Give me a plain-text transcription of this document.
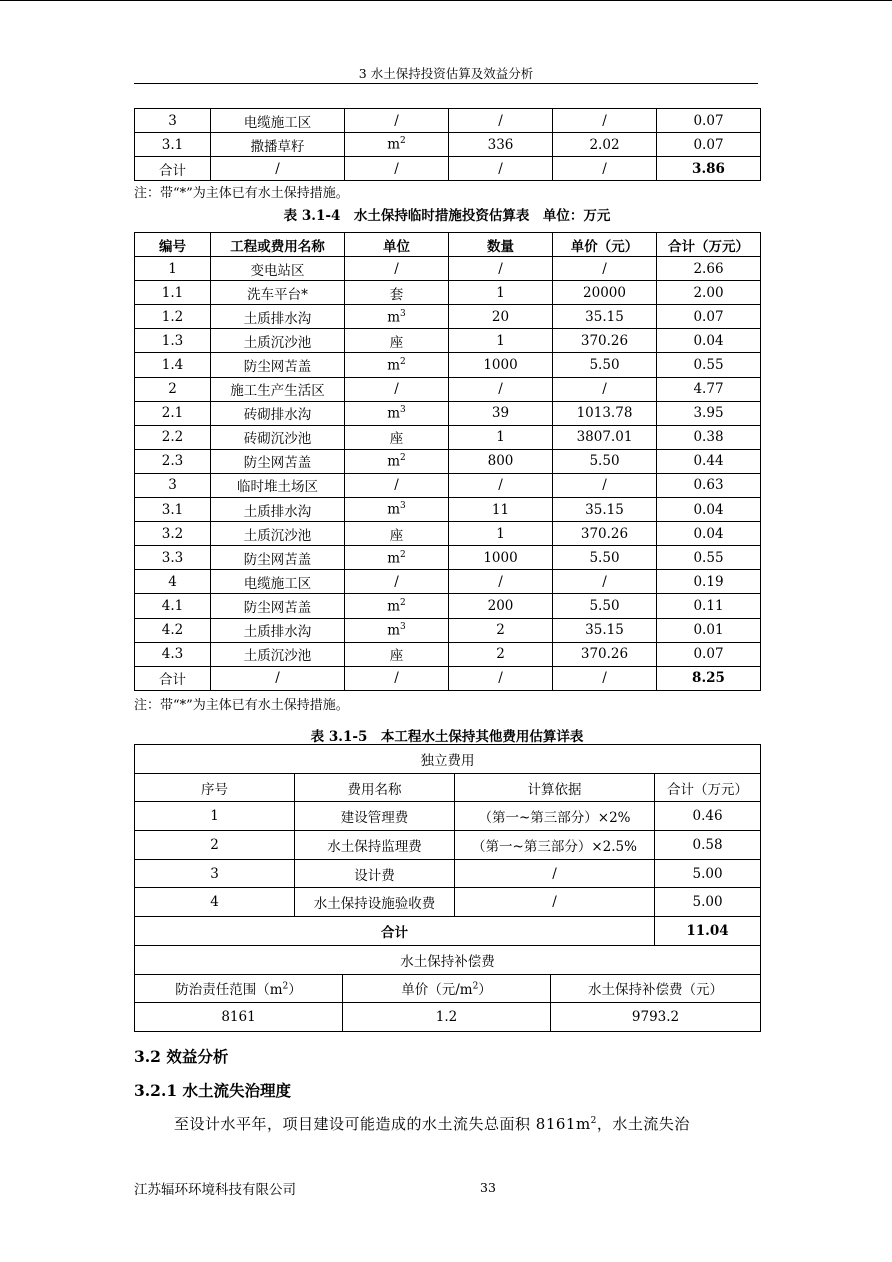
3 水土保持投资估算及效益分析
3	电缆施工区	/	/	/	0.07
3.1	撒播草籽	$m^2$	336	2.02	0.07
合计	/	/	/	/	3.86
注：带“*”为主体已有水土保持措施。
表 3.1-4　水土保持临时措施投资估算表　单位：万元
编号	工程或费用名称	单位	数量	单价（元）	合计（万元）
1	变电站区	/	/	/	2.66
1.1	洗车平台*	套	1	20000	2.00
1.2	土质排水沟	$m^3$	20	35.15	0.07
1.3	土质沉沙池	座	1	370.26	0.04
1.4	防尘网苫盖	$m^2$	1000	5.50	0.55
2	施工生产生活区	/	/	/	4.77
2.1	砖砌排水沟	$m^3$	39	1013.78	3.95
2.2	砖砌沉沙池	座	1	3807.01	0.38
2.3	防尘网苫盖	$m^2$	800	5.50	0.44
3	临时堆土场区	/	/	/	0.63
3.1	土质排水沟	$m^3$	11	35.15	0.04
3.2	土质沉沙池	座	1	370.26	0.04
3.3	防尘网苫盖	$m^2$	1000	5.50	0.55
4	电缆施工区	/	/	/	0.19
4.1	防尘网苫盖	$m^2$	200	5.50	0.11
4.2	土质排水沟	$m^3$	2	35.15	0.01
4.3	土质沉沙池	座	2	370.26	0.07
合计	/	/	/	/	8.25
注：带“*”为主体已有水土保持措施。
表 3.1-5　本工程水土保持其他费用估算详表
独立费用					
序号	费用名称		计算依据		合计（万元）
1	建设管理费		（第一~第三部分）×2%		0.46
2	水土保持监理费		（第一~第三部分）×2.5%		0.58
3	设计费		/		5.00
4	水土保持设施验收费		/		5.00
合计					11.04
水土保持补偿费					
防治责任范围$(m^2)$		单价（元$/m^2$）		水土保持补偿费（元）	
8161		1.2		9793.2	
3.2 效益分析
3.2.1 水土流失治理度
至设计水平年，项目建设可能造成的水土流失总面积 $8161m^2$，水土流失治
江苏辐环环境科技有限公司	33
